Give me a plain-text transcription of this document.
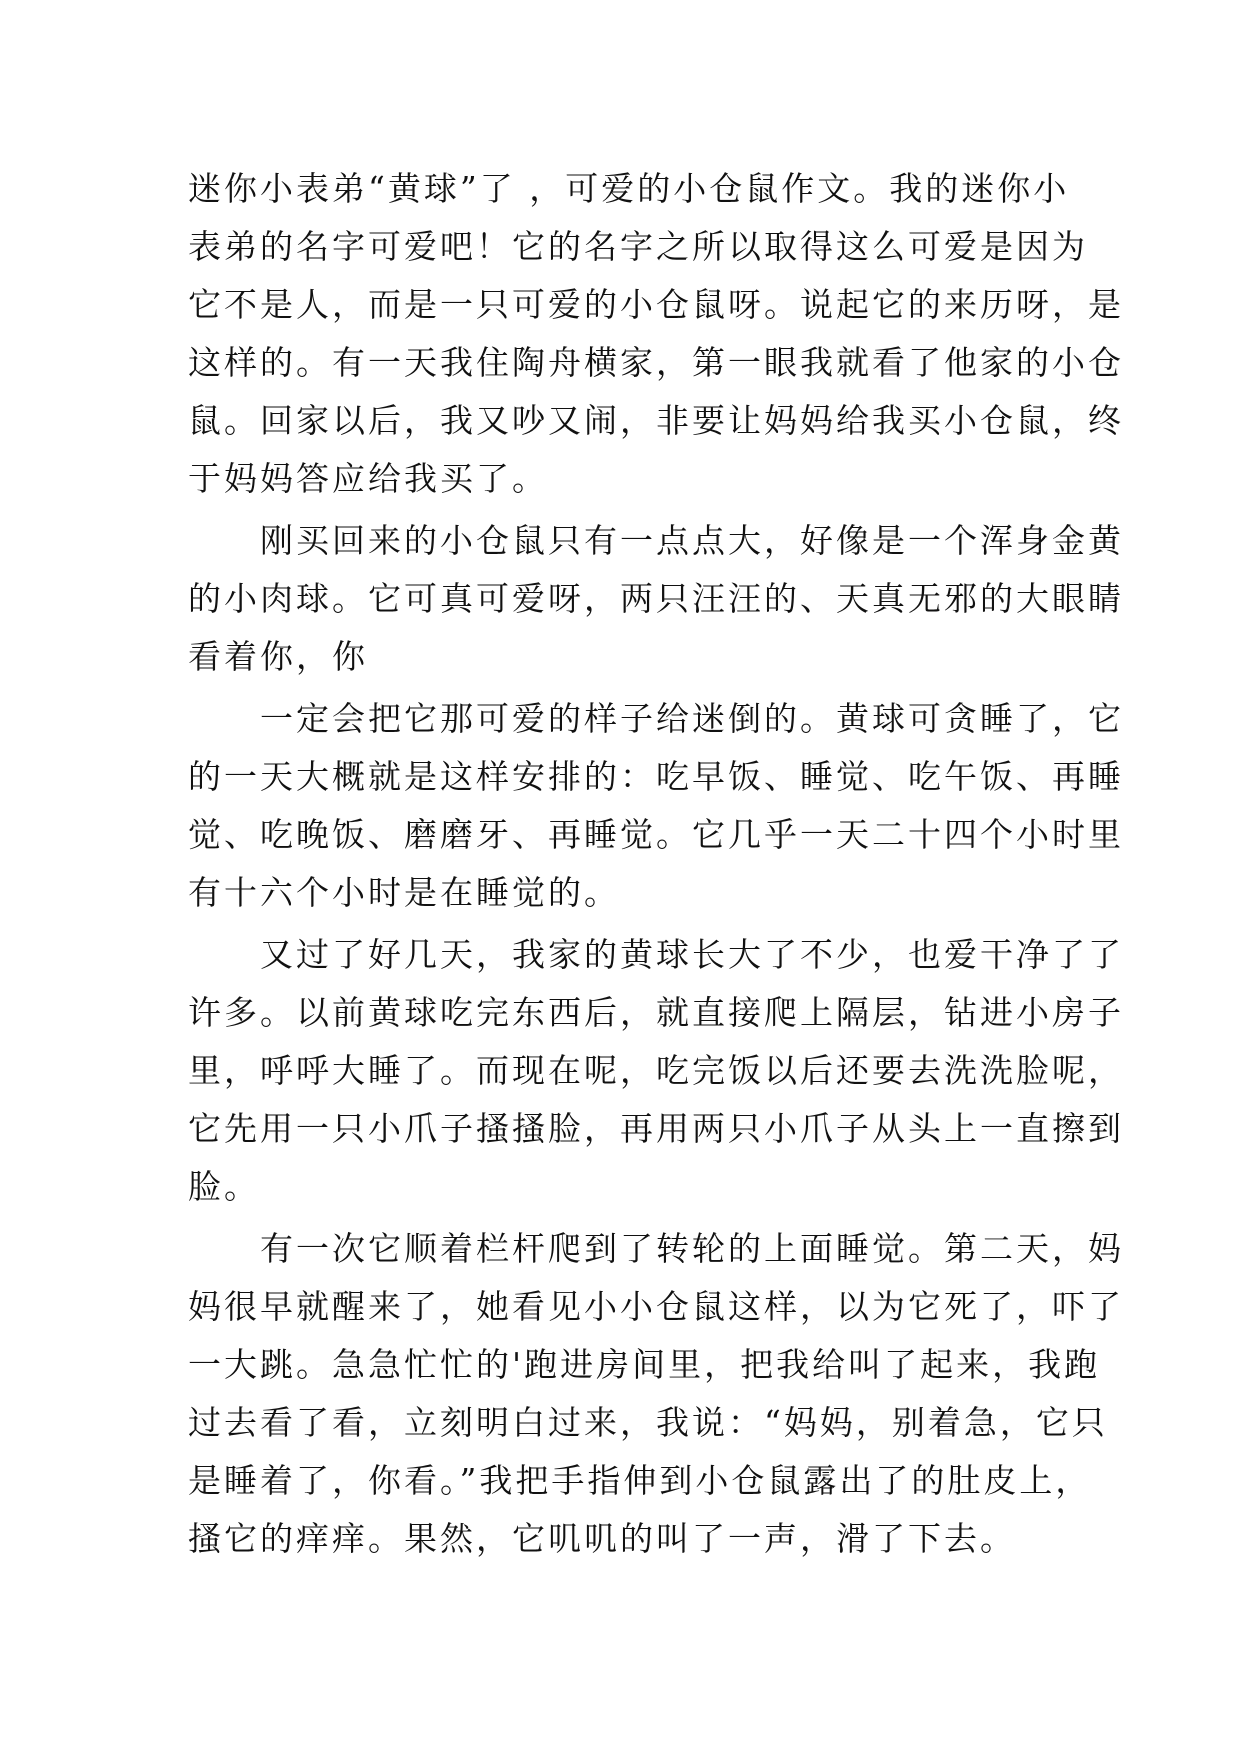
迷你小表弟“黄球”了 ，可爱的小仓鼠作文。我的迷你小
表弟的名字可爱吧！它的名字之所以取得这么可爱是因为
它不是人，而是一只可爱的小仓鼠呀。说起它的来历呀，是
这样的。有一天我住陶舟横家，第一眼我就看了他家的小仓
鼠。回家以后，我又吵又闹，非要让妈妈给我买小仓鼠，终
于妈妈答应给我买了。
　　刚买回来的小仓鼠只有一点点大，好像是一个浑身金黄
的小肉球。它可真可爱呀，两只汪汪的、天真无邪的大眼睛
看着你，你
　　一定会把它那可爱的样子给迷倒的。黄球可贪睡了，它
的一天大概就是这样安排的：吃早饭、睡觉、吃午饭、再睡
觉、吃晚饭、磨磨牙、再睡觉。它几乎一天二十四个小时里
有十六个小时是在睡觉的。
　　又过了好几天，我家的黄球长大了不少，也爱干净了了
许多。以前黄球吃完东西后，就直接爬上隔层，钻进小房子
里，呼呼大睡了。而现在呢，吃完饭以后还要去洗洗脸呢，
它先用一只小爪子搔搔脸，再用两只小爪子从头上一直擦到
脸。
　　有一次它顺着栏杆爬到了转轮的上面睡觉。第二天，妈
妈很早就醒来了，她看见小小仓鼠这样，以为它死了，吓了
一大跳。急急忙忙的'跑进房间里，把我给叫了起来，我跑
过去看了看，立刻明白过来，我说：“妈妈，别着急，它只
是睡着了，你看。”我把手指伸到小仓鼠露出了的肚皮上，
搔它的痒痒。果然，它叽叽的叫了一声，滑了下去。
